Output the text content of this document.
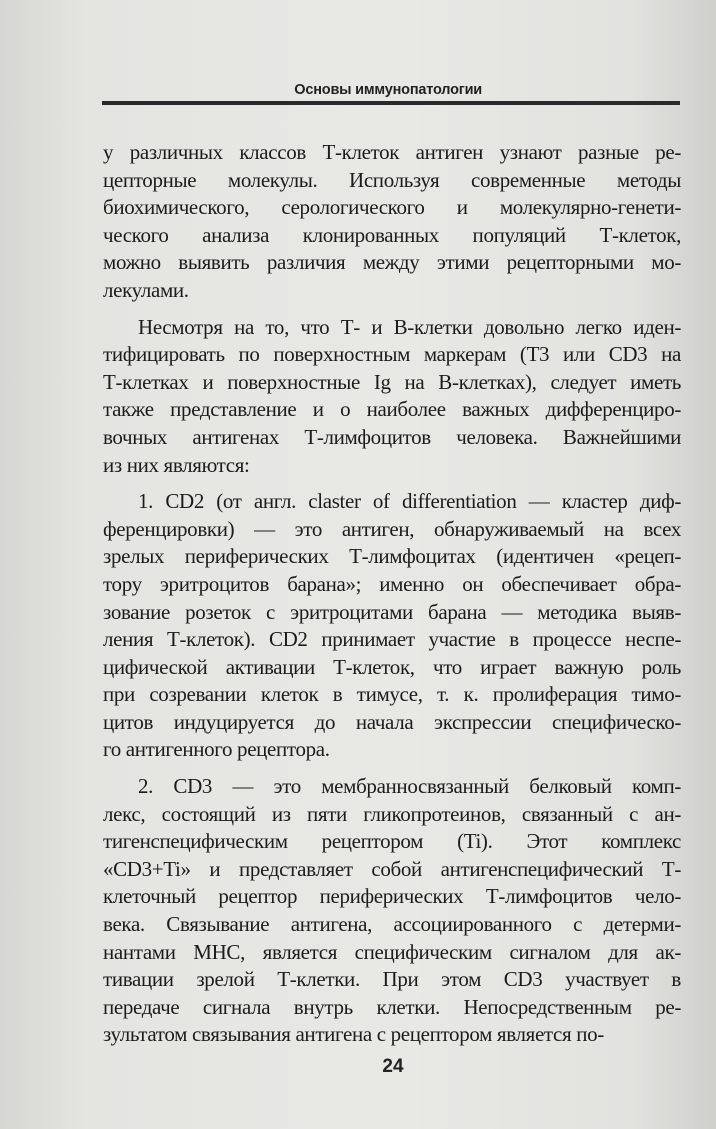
Основы иммунопатологии
у различных классов Т-клеток антиген узнают разные ре-
цепторные молекулы. Используя современные методы
биохимического, серологического и молекулярно-генети-
ческого анализа клонированных популяций Т-клеток,
можно выявить различия между этими рецепторными мо-
лекулами.
Несмотря на то, что Т- и В-клетки довольно легко иден-
тифицировать по поверхностным маркерам (Т3 или CD3 на
Т-клетках и поверхностные Ig на В-клетках), следует иметь
также представление и о наиболее важных дифференциро-
вочных антигенах Т-лимфоцитов человека. Важнейшими
из них являются:
1. CD2 (от англ. claster of differentiation — кластер диф-
ференцировки) — это антиген, обнаруживаемый на всех
зрелых периферических Т-лимфоцитах (идентичен «рецеп-
тору эритроцитов барана»; именно он обеспечивает обра-
зование розеток с эритроцитами барана — методика выяв-
ления Т-клеток). CD2 принимает участие в процессе неспе-
цифической активации Т-клеток, что играет важную роль
при созревании клеток в тимусе, т. к. пролиферация тимо-
цитов индуцируется до начала экспрессии специфическо-
го антигенного рецептора.
2. CD3 — это мембранносвязанный белковый комп-
лекс, состоящий из пяти гликопротеинов, связанный с ан-
тигенспецифическим рецептором (Ti). Этот комплекс
«CD3+Ti» и представляет собой антигенспецифический Т-
клеточный рецептор периферических Т-лимфоцитов чело-
века. Связывание антигена, ассоциированного с детерми-
нантами МНС, является специфическим сигналом для ак-
тивации зрелой Т-клетки. При этом CD3 участвует в
передаче сигнала внутрь клетки. Непосредственным ре-
зультатом связывания антигена с рецептором является по-
24
